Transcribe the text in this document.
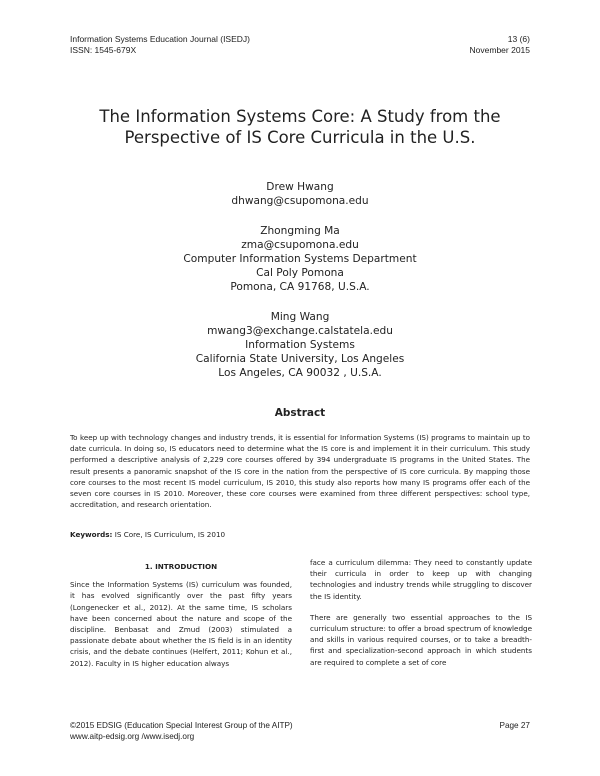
Information Systems Education Journal (ISEDJ)
ISSN: 1545-679X
13 (6)
November 2015
The Information Systems Core: A Study from the
Perspective of IS Core Curricula in the U.S.
Drew Hwang
dhwang@csupomona.edu
Zhongming Ma
zma@csupomona.edu
Computer Information Systems Department
Cal Poly Pomona
Pomona, CA 91768, U.S.A.
Ming Wang
mwang3@exchange.calstatela.edu
Information Systems
California State University, Los Angeles
Los Angeles, CA 90032 , U.S.A.
Abstract
To keep up with technology changes and industry trends, it is essential for Information Systems (IS) programs to maintain up to date curricula. In doing so, IS educators need to determine what the IS core is and implement it in their curriculum. This study performed a descriptive analysis of 2,229 core courses offered by 394 undergraduate IS programs in the United States. The result presents a panoramic snapshot of the IS core in the nation from the perspective of IS core curricula. By mapping those core courses to the most recent IS model curriculum, IS 2010, this study also reports how many IS programs offer each of the seven core courses in IS 2010. Moreover, these core courses were examined from three different perspectives: school type, accreditation, and research orientation.
Keywords: IS Core, IS Curriculum, IS 2010
1. INTRODUCTION

Since the Information Systems (IS) curriculum was founded, it has evolved significantly over the past fifty years (Longenecker et al., 2012). At the same time, IS scholars have been concerned about the nature and scope of the discipline. Benbasat and Zmud (2003) stimulated a passionate debate about whether the IS field is in an identity crisis, and the debate continues (Helfert, 2011; Kohun et al., 2012). Faculty in IS higher education always

face a curriculum dilemma: They need to constantly update their curricula in order to keep up with changing technologies and industry trends while struggling to discover the IS identity.

There are generally two essential approaches to the IS curriculum structure: to offer a broad spectrum of knowledge and skills in various required courses, or to take a breadth-first and specialization-second approach in which students are required to complete a set of core

©2015 EDSIG (Education Special Interest Group of the AITP)
www.aitp-edsig.org /www.isedj.org
Page 27
